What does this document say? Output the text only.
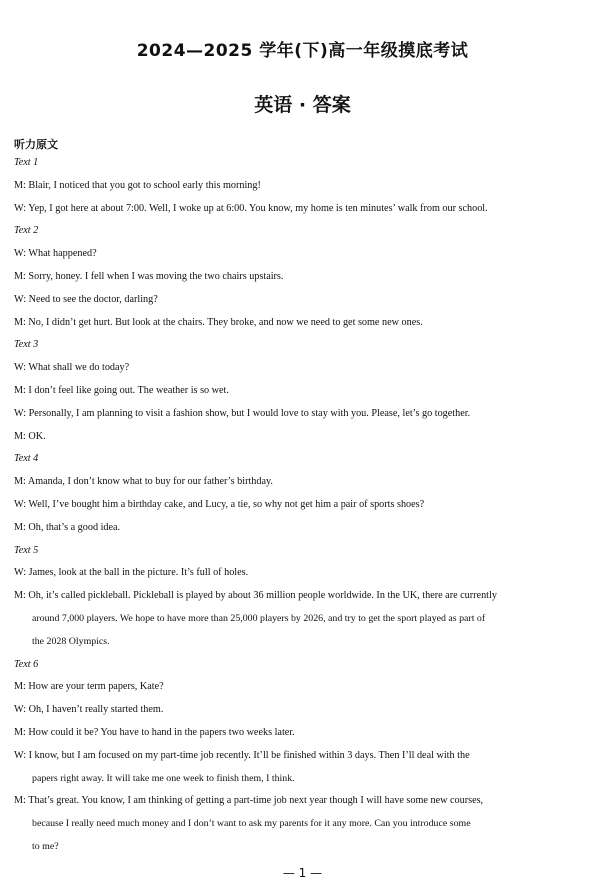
2024—2025 学年(下)高一年级摸底考试
英语 · 答案
听力原文
Text 1
M: Blair, I noticed that you got to school early this morning!
W: Yep, I got here at about 7:00. Well, I woke up at 6:00. You know, my home is ten minutes’ walk from our school.
Text 2
W: What happened?
M: Sorry, honey. I fell when I was moving the two chairs upstairs.
W: Need to see the doctor, darling?
M: No, I didn’t get hurt. But look at the chairs. They broke, and now we need to get some new ones.
Text 3
W: What shall we do today?
M: I don’t feel like going out. The weather is so wet.
W: Personally, I am planning to visit a fashion show, but I would love to stay with you. Please, let’s go together.
M: OK.
Text 4
M: Amanda, I don’t know what to buy for our father’s birthday.
W: Well, I’ve bought him a birthday cake, and Lucy, a tie, so why not get him a pair of sports shoes?
M: Oh, that’s a good idea.
Text 5
W: James, look at the ball in the picture. It’s full of holes.
M: Oh, it’s called pickleball. Pickleball is played by about 36 million people worldwide. In the UK, there are currently
around 7,000 players. We hope to have more than 25,000 players by 2026, and try to get the sport played as part of
the 2028 Olympics.
Text 6
M: How are your term papers, Kate?
W: Oh, I haven’t really started them.
M: How could it be? You have to hand in the papers two weeks later.
W: I know, but I am focused on my part-time job recently. It’ll be finished within 3 days. Then I’ll deal with the
papers right away. It will take me one week to finish them, I think.
M: That’s great. You know, I am thinking of getting a part-time job next year though I will have some new courses,
because I really need much money and I don’t want to ask my parents for it any more. Can you introduce some
to me?
— 1 —
